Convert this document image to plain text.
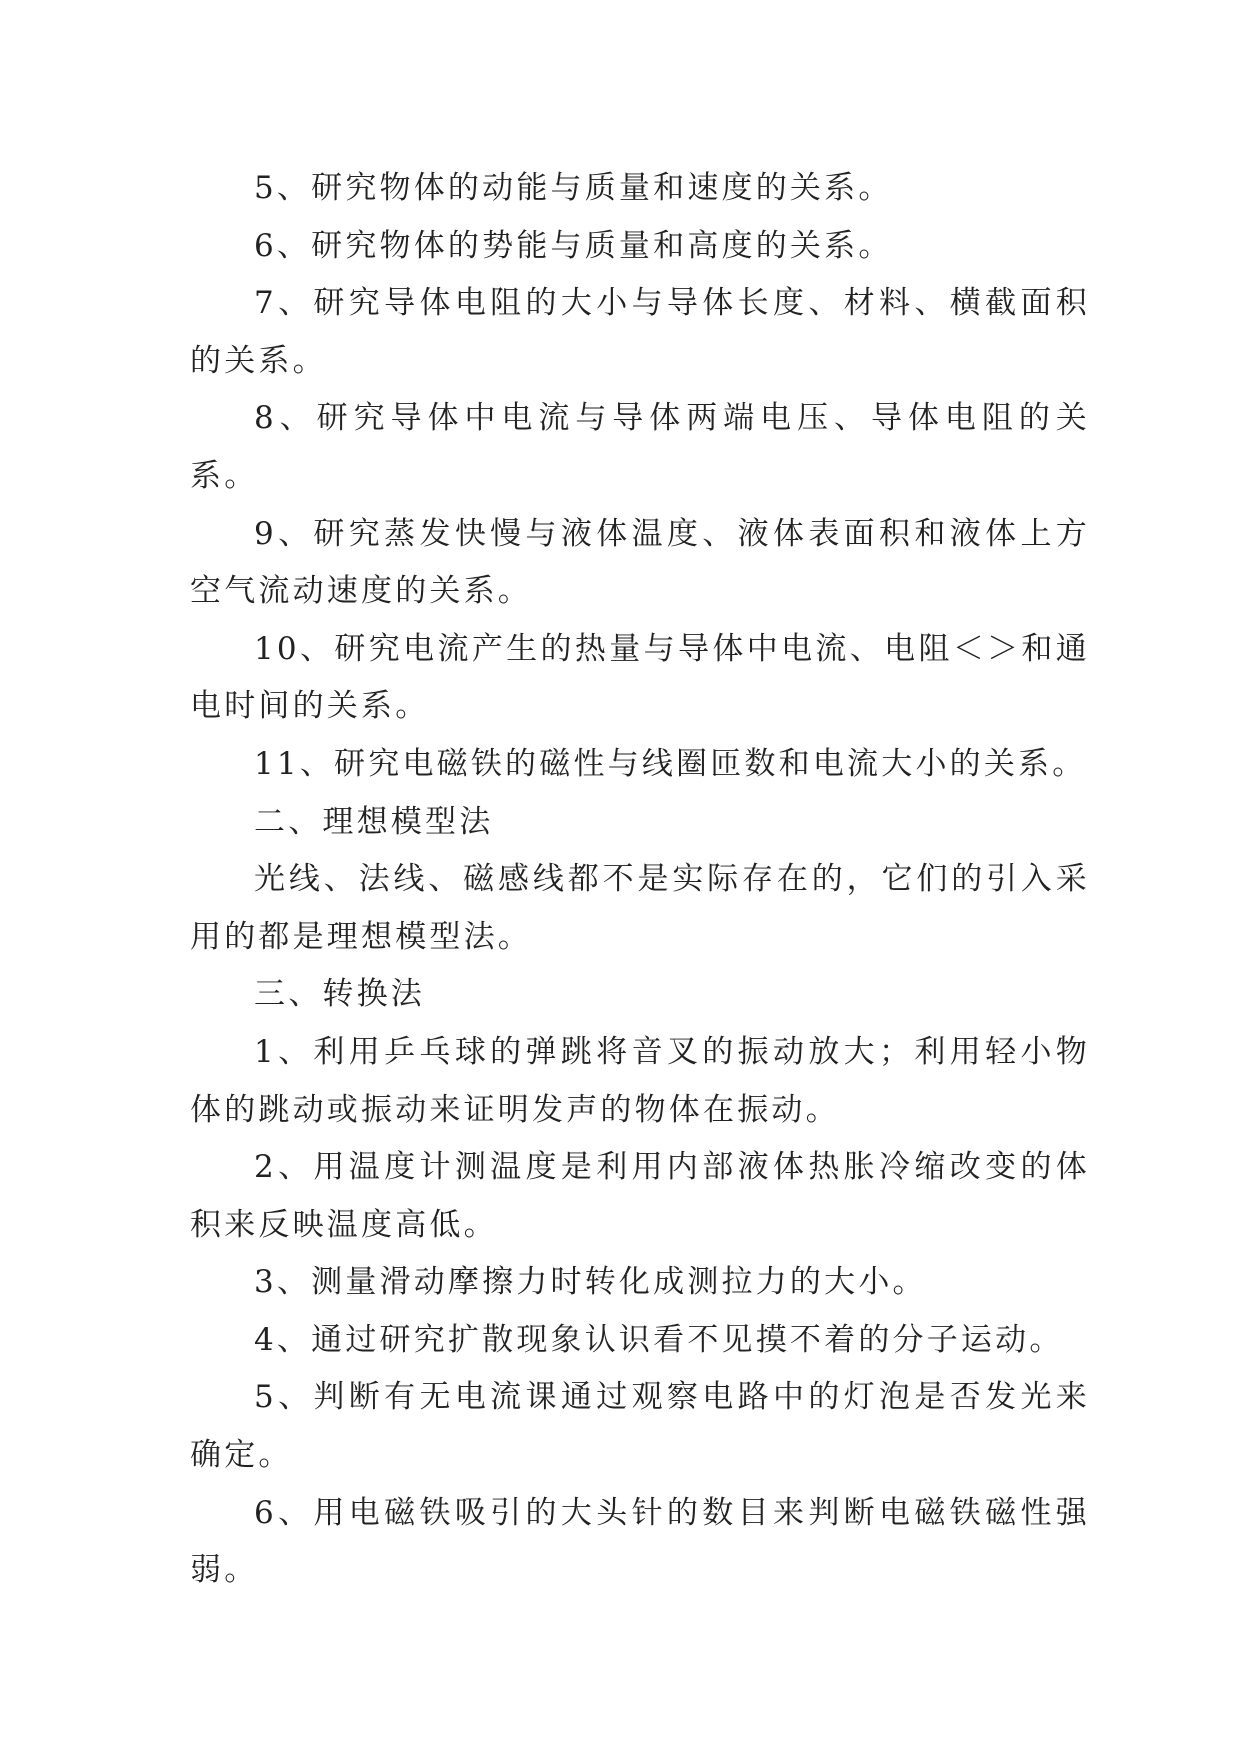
5、研究物体的动能与质量和速度的关系。

6、研究物体的势能与质量和高度的关系。

7、研究导体电阻的大小与导体长度、材料、横截面积的关系。

8、研究导体中电流与导体两端电压、导体电阻的关系。

9、研究蒸发快慢与液体温度、液体表面积和液体上方空气流动速度的关系。

10、研究电流产生的热量与导体中电流、电阻＜＞和通电时间的关系。

11、研究电磁铁的磁性与线圈匝数和电流大小的关系。

二、理想模型法

光线、法线、磁感线都不是实际存在的，它们的引入采用的都是理想模型法。

三、转换法

1、利用乒乓球的弹跳将音叉的振动放大；利用轻小物体的跳动或振动来证明发声的物体在振动。

2、用温度计测温度是利用内部液体热胀冷缩改变的体积来反映温度高低。

3、测量滑动摩擦力时转化成测拉力的大小。

4、通过研究扩散现象认识看不见摸不着的分子运动。

5、判断有无电流课通过观察电路中的灯泡是否发光来确定。

6、用电磁铁吸引的大头针的数目来判断电磁铁磁性强弱。
